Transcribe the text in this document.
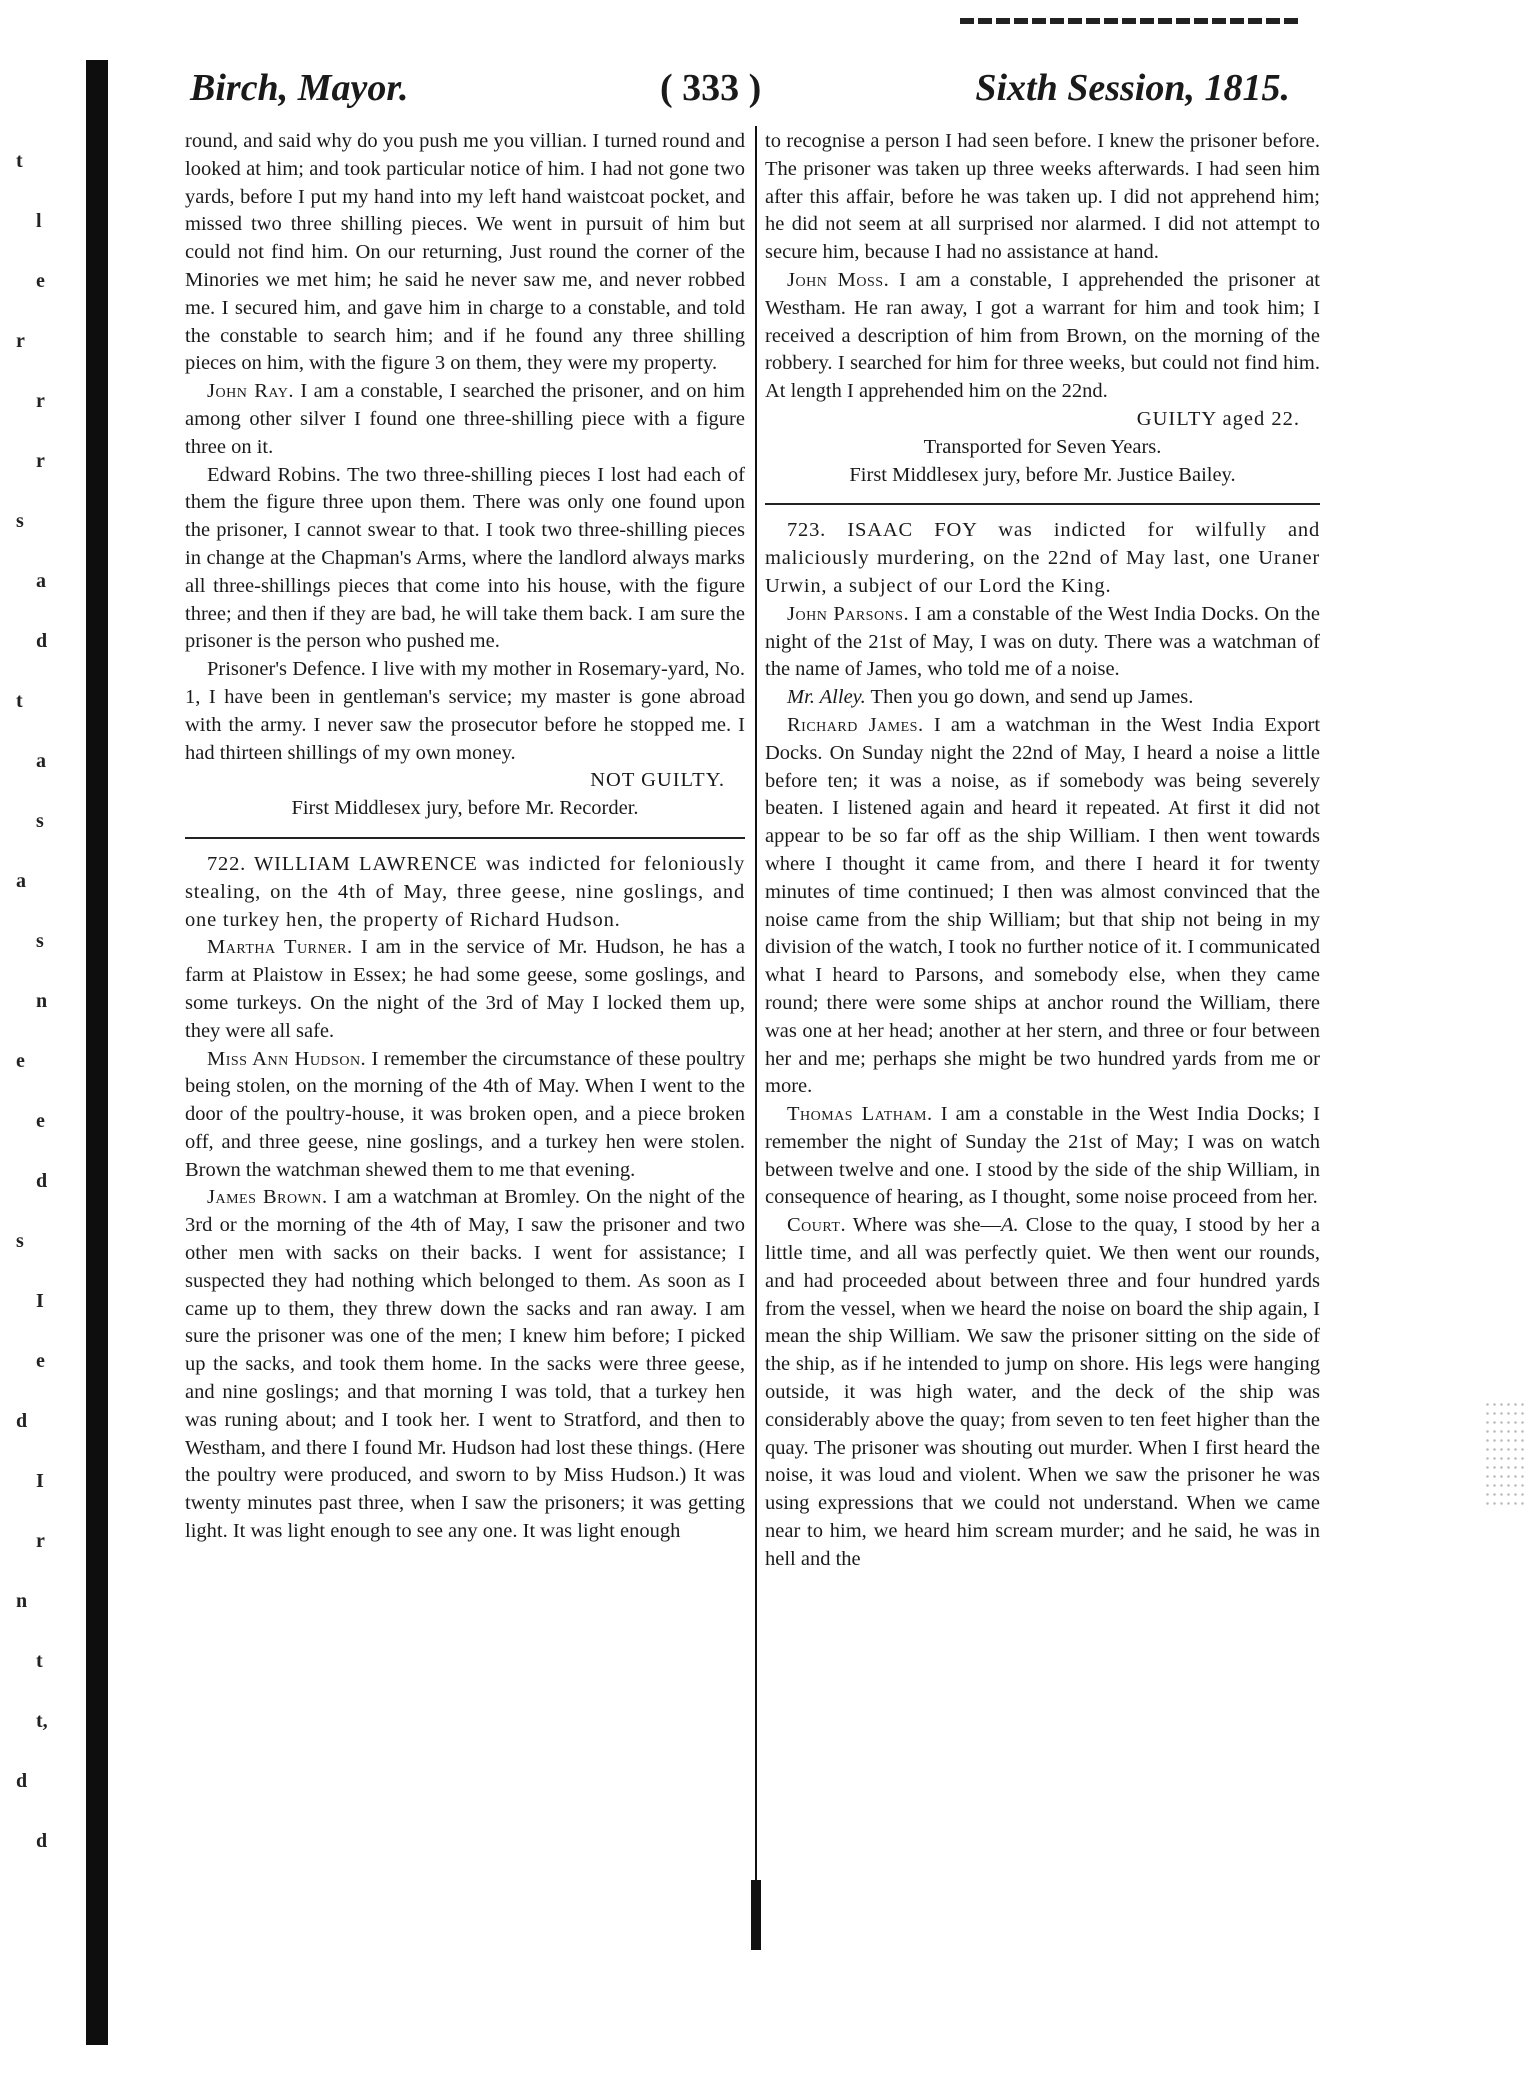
t
l
e
r
r
r
s
a
d
t
a
s
a
s
n
e
e
d
s
I
e
d
I
r
n
t
t,
d
d
Birch, Mayor.	( 333 )	Sixth Session, 1815.

round, and said why do you push me you villian. I turned round and looked at him; and took particular notice of him. I had not gone two yards, before I put my hand into my left hand waistcoat pocket, and missed two three shilling pieces. We went in pursuit of him but could not find him. On our returning, Just round the corner of the Minories we met him; he said he never saw me, and never robbed me. I secured him, and gave him in charge to a constable, and told the constable to search him; and if he found any three shilling pieces on him, with the figure 3 on them, they were my property.

John Ray. I am a constable, I searched the prisoner, and on him among other silver I found one three-shilling piece with a figure three on it.

Edward Robins. The two three-shilling pieces I lost had each of them the figure three upon them. There was only one found upon the prisoner, I cannot swear to that. I took two three-shilling pieces in change at the Chapman's Arms, where the landlord always marks all three-shillings pieces that come into his house, with the figure three; and then if they are bad, he will take them back. I am sure the prisoner is the person who pushed me.

Prisoner's Defence. I live with my mother in Rosemary-yard, No. 1, I have been in gentleman's service; my master is gone abroad with the army. I never saw the prosecutor before he stopped me. I had thirteen shillings of my own money.

NOT GUILTY.

First Middlesex jury, before Mr. Recorder.

722. WILLIAM LAWRENCE was indicted for feloniously stealing, on the 4th of May, three geese, nine goslings, and one turkey hen, the property of Richard Hudson.

Martha Turner. I am in the service of Mr. Hudson, he has a farm at Plaistow in Essex; he had some geese, some goslings, and some turkeys. On the night of the 3rd of May I locked them up, they were all safe.

Miss Ann Hudson. I remember the circumstance of these poultry being stolen, on the morning of the 4th of May. When I went to the door of the poultry-house, it was broken open, and a piece broken off, and three geese, nine goslings, and a turkey hen were stolen. Brown the watchman shewed them to me that evening.

James Brown. I am a watchman at Bromley. On the night of the 3rd or the morning of the 4th of May, I saw the prisoner and two other men with sacks on their backs. I went for assistance; I suspected they had nothing which belonged to them. As soon as I came up to them, they threw down the sacks and ran away. I am sure the prisoner was one of the men; I knew him before; I picked up the sacks, and took them home. In the sacks were three geese, and nine goslings; and that morning I was told, that a turkey hen was runing about; and I took her. I went to Stratford, and then to Westham, and there I found Mr. Hudson had lost these things. (Here the poultry were produced, and sworn to by Miss Hudson.) It was twenty minutes past three, when I saw the prisoners; it was getting light. It was light enough to see any one. It was light enough

to recognise a person I had seen before. I knew the prisoner before. The prisoner was taken up three weeks afterwards. I had seen him after this affair, before he was taken up. I did not apprehend him; he did not seem at all surprised nor alarmed. I did not attempt to secure him, because I had no assistance at hand.

John Moss. I am a constable, I apprehended the prisoner at Westham. He ran away, I got a warrant for him and took him; I received a description of him from Brown, on the morning of the robbery. I searched for him for three weeks, but could not find him. At length I apprehended him on the 22nd.

GUILTY aged 22.

Transported for Seven Years.

First Middlesex jury, before Mr. Justice Bailey.

723. ISAAC FOY was indicted for wilfully and maliciously murdering, on the 22nd of May last, one Uraner Urwin, a subject of our Lord the King.

John Parsons. I am a constable of the West India Docks. On the night of the 21st of May, I was on duty. There was a watchman of the name of James, who told me of a noise.

Mr. Alley. Then you go down, and send up James.

Richard James. I am a watchman in the West India Export Docks. On Sunday night the 22nd of May, I heard a noise a little before ten; it was a noise, as if somebody was being severely beaten. I listened again and heard it repeated. At first it did not appear to be so far off as the ship William. I then went towards where I thought it came from, and there I heard it for twenty minutes of time continued; I then was almost convinced that the noise came from the ship William; but that ship not being in my division of the watch, I took no further notice of it. I communicated what I heard to Parsons, and somebody else, when they came round; there were some ships at anchor round the William, there was one at her head; another at her stern, and three or four between her and me; perhaps she might be two hundred yards from me or more.

Thomas Latham. I am a constable in the West India Docks; I remember the night of Sunday the 21st of May; I was on watch between twelve and one. I stood by the side of the ship William, in consequence of hearing, as I thought, some noise proceed from her.

Court. Where was she—A. Close to the quay, I stood by her a little time, and all was perfectly quiet. We then went our rounds, and had proceeded about between three and four hundred yards from the vessel, when we heard the noise on board the ship again, I mean the ship William. We saw the prisoner sitting on the side of the ship, as if he intended to jump on shore. His legs were hanging outside, it was high water, and the deck of the ship was considerably above the quay; from seven to ten feet higher than the quay. The prisoner was shouting out murder. When I first heard the noise, it was loud and violent. When we saw the prisoner he was using expressions that we could not understand. When we came near to him, we heard him scream murder; and he said, he was in hell and the
